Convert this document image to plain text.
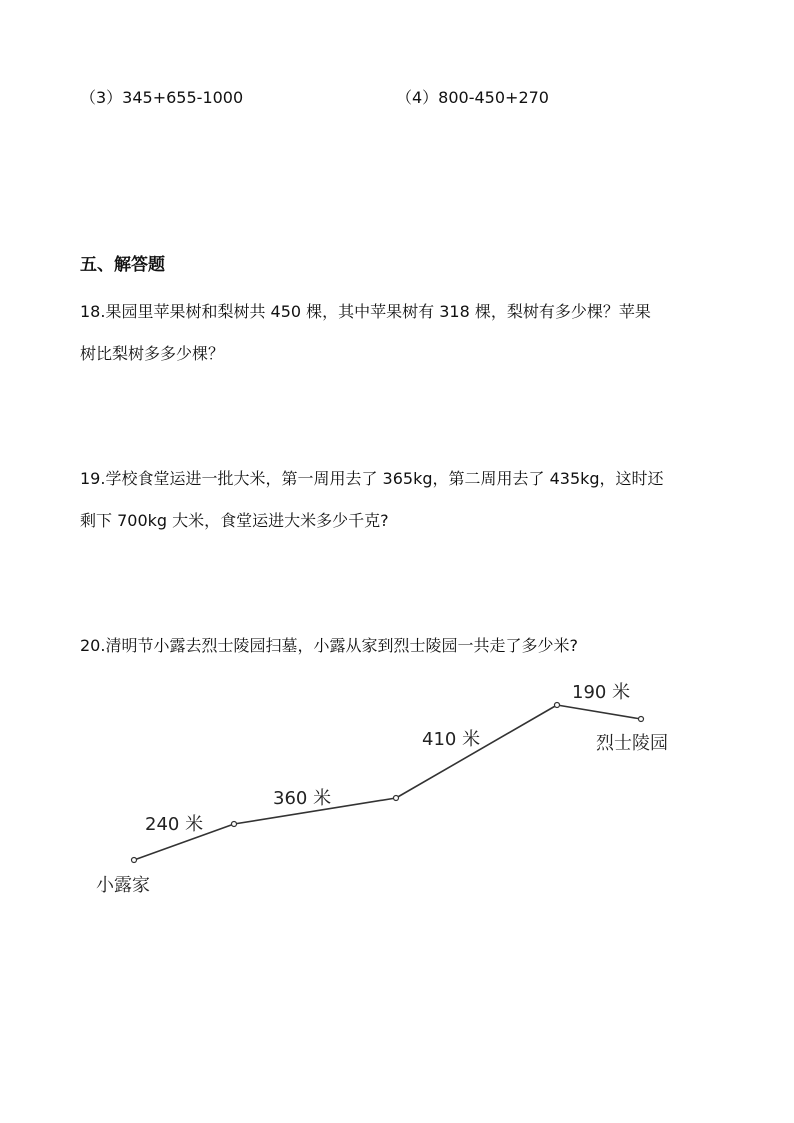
（3）345+655-1000	（4）800-450+270
五、解答题
18.果园里苹果树和梨树共 450 棵，其中苹果树有 318 棵，梨树有多少棵？苹果
树比梨树多多少棵？
19.学校食堂运进一批大米，第一周用去了 365kg，第二周用去了 435kg，这时还
剩下 700kg 大米，食堂运进大米多少千克?
20.清明节小露去烈士陵园扫墓，小露从家到烈士陵园一共走了多少米?
240 米
360 米
410 米
190 米
小露家
烈士陵园
